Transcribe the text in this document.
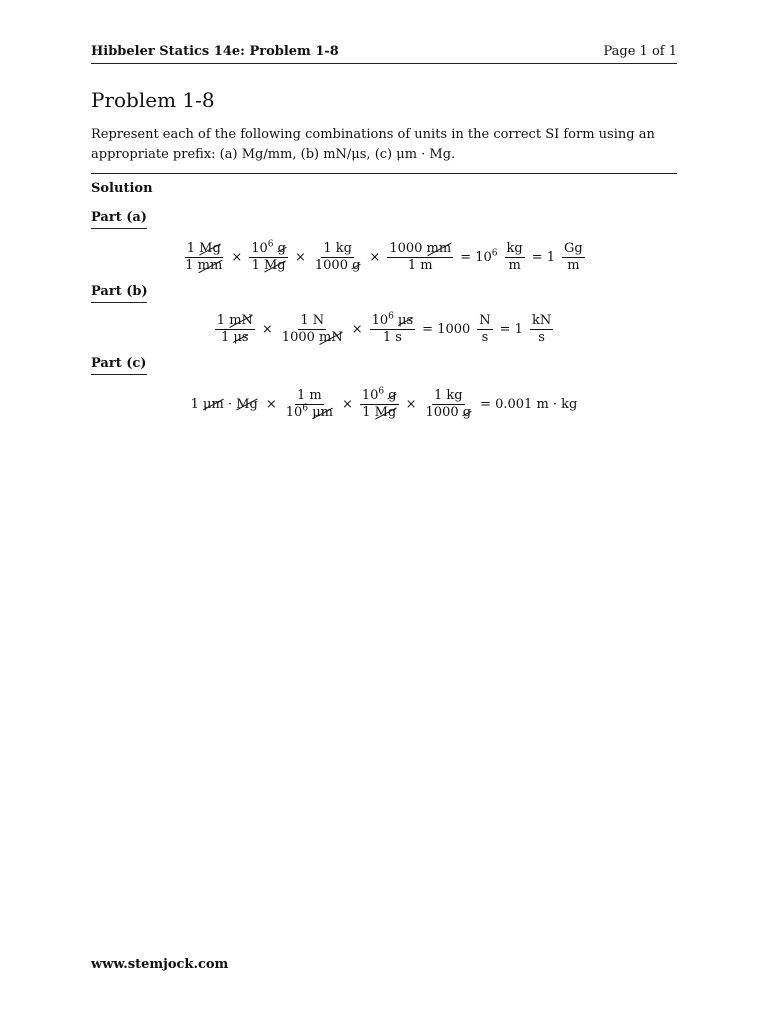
Hibbeler Statics 14e: Problem 1-8	Page 1 of 1
Problem 1-8
Represent each of the following combinations of units in the correct SI form using an appropriate prefix: (a) Mg/mm, (b) mN/μs, (c) μm · Mg.
Solution
Part (a)
$\frac{1 Mg}{1 mm} \times \frac{10^6 g}{1 Mg} \times \frac{1 kg}{1000 g} \times \frac{1000 mm}{1 m} = 10^6 \frac{kg}{m} = 1 \frac{Gg}{m}$
Part (b)
$\frac{1 mN}{1 \mu s} \times \frac{1 N}{1000 mN} \times \frac{10^6 \mu s}{1 s} = 1000 \frac{N}{s} = 1 \frac{kN}{s}$
Part (c)
1 $\mu m \cdot Mg \times \frac{1 m}{10^6 \mu m} \times \frac{10^6 g}{1 Mg} \times \frac{1 kg}{1000 g} = 0.001$ m · kg
www.stemjock.com
